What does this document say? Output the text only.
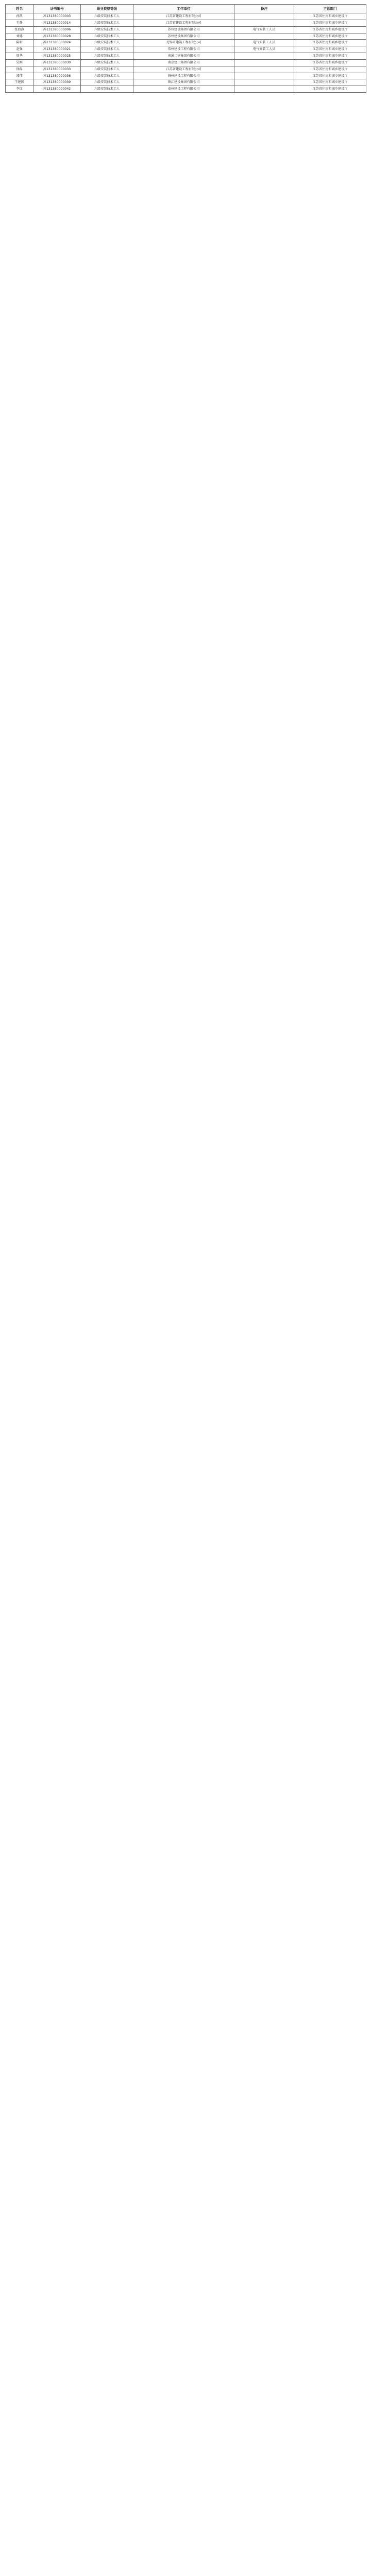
姓名	证书编号	职业资格等级	工作单位	备注	主管部门
孙凯	苏131380000003	六级安装技术工人	江苏省建设工程有限公司		江苏省住房和城乡建设厅
王静	苏131380000014	六级安装技术工人	江苏省建设工程有限公司		江苏省住房和城乡建设厅
张海燕	苏131380000006	六级安装技术工人	苏州建设集团有限公司	电气安装工人员	江苏省住房和城乡建设厅
刘德	苏131380000028	六级安装技术工人	苏州建设集团有限公司		江苏省住房和城乡建设厅
陈明	苏131380000024	六级安装技术工人	无锡市建筑工程有限公司	电气安装工人员	江苏省住房和城乡建设厅
赵强	苏131380000021	六级安装技术工人	常州建设工程有限公司	电气安装工人员	江苏省住房和城乡建设厅
周华	苏131380000025	六级安装技术工人	南通二建集团有限公司		江苏省住房和城乡建设厅
吴刚	苏131380000030	六级安装技术工人	南京建工集团有限公司		江苏省住房和城乡建设厅
徐磊	苏131380000033	六级安装技术工人	江苏省建设工程有限公司		江苏省住房和城乡建设厅
郑伟	苏131380000036	六级安装技术工人	扬州建设工程有限公司		江苏省住房和城乡建设厅
王建国	苏131380000039	六级安装技术工人	镇江建设集团有限公司		江苏省住房和城乡建设厅
李红	苏131380000042	六级安装技术工人	泰州建设工程有限公司		江苏省住房和城乡建设厅
